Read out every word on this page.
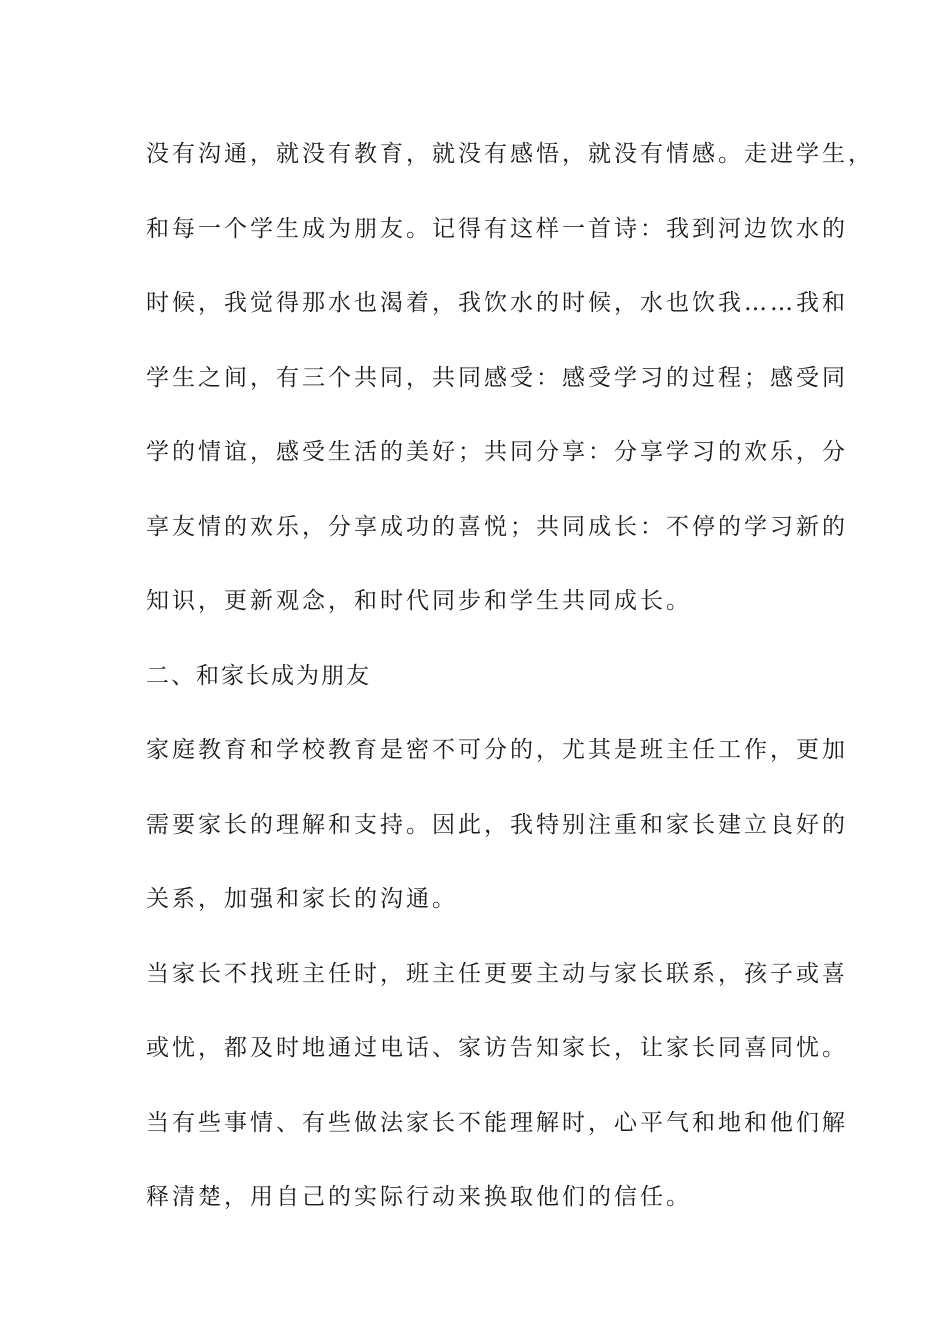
没有沟通，就没有教育，就没有感悟，就没有情感。走进学生，
和每一个学生成为朋友。记得有这样一首诗：我到河边饮水的
时候，我觉得那水也渴着，我饮水的时候，水也饮我……我和
学生之间，有三个共同，共同感受：感受学习的过程；感受同
学的情谊，感受生活的美好；共同分享：分享学习的欢乐，分
享友情的欢乐，分享成功的喜悦；共同成长：不停的学习新的
知识，更新观念，和时代同步和学生共同成长。
二、和家长成为朋友
家庭教育和学校教育是密不可分的，尤其是班主任工作，更加
需要家长的理解和支持。因此，我特别注重和家长建立良好的
关系，加强和家长的沟通。
当家长不找班主任时，班主任更要主动与家长联系，孩子或喜
或忧，都及时地通过电话、家访告知家长，让家长同喜同忧。
当有些事情、有些做法家长不能理解时，心平气和地和他们解
释清楚，用自己的实际行动来换取他们的信任。
